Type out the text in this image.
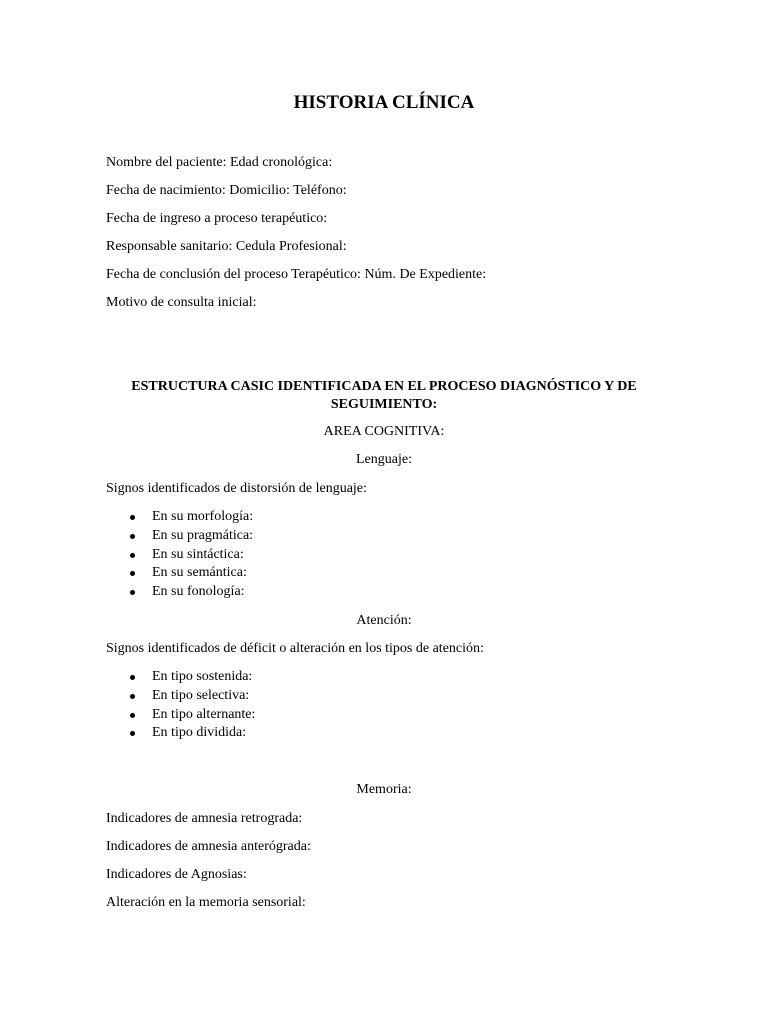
HISTORIA CLÍNICA

Nombre del paciente: Edad cronológica:

Fecha de nacimiento: Domicilio: Teléfono:

Fecha de ingreso a proceso terapéutico:

Responsable sanitario: Cedula Profesional:

Fecha de conclusión del proceso Terapéutico: Núm. De Expediente:

Motivo de consulta inicial:

ESTRUCTURA CASIC IDENTIFICADA EN EL PROCESO DIAGNÓSTICO Y DE SEGUIMIENTO:

AREA COGNITIVA:

Lenguaje:

Signos identificados de distorsión de lenguaje:

En su morfología:
En su pragmática:
En su sintáctica:
En su semántica:
En su fonología:

Atención:

Signos identificados de déficit o alteración en los tipos de atención:

En tipo sostenida:
En tipo selectiva:
En tipo alternante:
En tipo dividida:

Memoria:

Indicadores de amnesia retrograda:

Indicadores de amnesia anterógrada:

Indicadores de Agnosias:

Alteración en la memoria sensorial:
